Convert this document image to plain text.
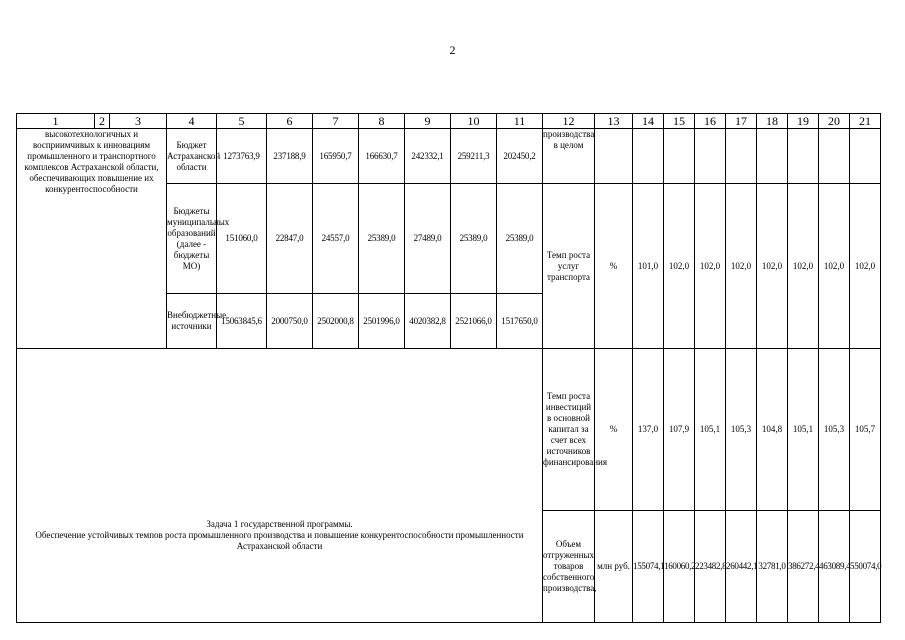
2
1	2	3	4	5	6	7	8	9	10	11	12	13	14	15	16	17	18	19	20	21
высокотехнологичных и восприимчивых к инновациям промышленного и транспортного комплексов Астраханской области, обеспечивающих повышение их конкурентоспособности			Бюджет Астраханской области	1273763,9	237188,9	165950,7	166630,7	242332,1	259211,3	202450,2	производства в целом									
			Бюджеты муниципальных образований (далее - бюджеты МО)	151060,0	22847,0	24557,0	25389,0	27489,0	25389,0	25389,0	Темп роста услуг транспорта	%	101,0	102,0	102,0	102,0	102,0	102,0	102,0	102,0
			Внебюджетные источники	15063845,6	2000750,0	2502000,8	2501996,0	4020382,8	2521066,0	1517650,0										

Задача 1 государственной программы.
Обеспечение устойчивых темпов роста промышленного производства и повышение конкурентоспособности промышленности Астраханской области											Темп роста инвестиций в основной капитал за счет всех источников финансирования	%	137,0	107,9	105,1	105,3	104,8	105,1	105,3	105,7
											Объем отгруженных товаров собственного производства,	млн руб.	155074,1	160060,2	223482,8	260442,1	32781,0	386272,4	463089,4	550074,0
